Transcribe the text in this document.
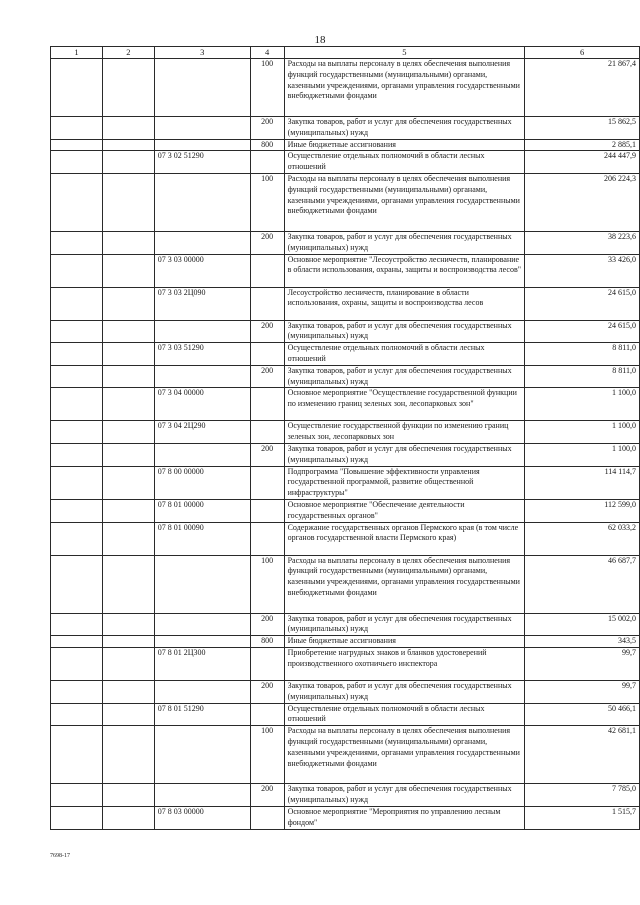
18
1	2	3	4	5	6
			100	Расходы на выплаты персоналу в целях обеспечения выполнения функций государственными (муниципальными) органами, казенными учреждениями, органами управления государственными внебюджетными фондами	21 867,4
			200	Закупка товаров, работ и услуг для обеспечения государственных (муниципальных) нужд	15 862,5
			800	Иные бюджетные ассигнования	2 885,1
		07 3 02 51290		Осуществление отдельных полномочий в области лесных отношений	244 447,9
			100	Расходы на выплаты персоналу в целях обеспечения выполнения функций государственными (муниципальными) органами, казенными учреждениями, органами управления государственными внебюджетными фондами	206 224,3
			200	Закупка товаров, работ и услуг для обеспечения государственных (муниципальных) нужд	38 223,6
		07 3 03 00000		Основное мероприятие "Лесоустройство лесничеств, планирование в области использования, охраны, защиты и воспроизводства лесов"	33 426,0
		07 3 03 2Ц090		Лесоустройство лесничеств, планирование в области использования, охраны, защиты и воспроизводства лесов	24 615,0
			200	Закупка товаров, работ и услуг для обеспечения государственных (муниципальных) нужд	24 615,0
		07 3 03 51290		Осуществление отдельных полномочий в области лесных отношений	8 811,0
			200	Закупка товаров, работ и услуг для обеспечения государственных (муниципальных) нужд	8 811,0
		07 3 04 00000		Основное мероприятие "Осуществление государственной функции по изменению границ зеленых зон, лесопарковых зон"	1 100,0
		07 3 04 2Ц290		Осуществление государственной функции по изменению границ зеленых зон, лесопарковых зон	1 100,0
			200	Закупка товаров, работ и услуг для обеспечения государственных (муниципальных) нужд	1 100,0
		07 8 00 00000		Подпрограмма "Повышение эффективности управления государственной программой, развитие общественной инфраструктуры"	114 114,7
		07 8 01 00000		Основное мероприятие "Обеспечение деятельности государственных органов"	112 599,0
		07 8 01 00090		Содержание государственных органов Пермского края (в том числе органов государственной власти Пермского края)	62 033,2
			100	Расходы на выплаты персоналу в целях обеспечения выполнения функций государственными (муниципальными) органами, казенными учреждениями, органами управления государственными внебюджетными фондами	46 687,7
			200	Закупка товаров, работ и услуг для обеспечения государственных (муниципальных) нужд	15 002,0
			800	Иные бюджетные ассигнования	343,5
		07 8 01 2Ц300		Приобретение нагрудных знаков и бланков удостоверений производственного охотничьего инспектора	99,7
			200	Закупка товаров, работ и услуг для обеспечения государственных (муниципальных) нужд	99,7
		07 8 01 51290		Осуществление отдельных полномочий в области лесных отношений	50 466,1
			100	Расходы на выплаты персоналу в целях обеспечения выполнения функций государственными (муниципальными) органами, казенными учреждениями, органами управления государственными внебюджетными фондами	42 681,1
			200	Закупка товаров, работ и услуг для обеспечения государственных (муниципальных) нужд	7 785,0
		07 8 03 00000		Основное мероприятие "Мероприятия по управлению лесным фондом"	1 515,7
7698-17
